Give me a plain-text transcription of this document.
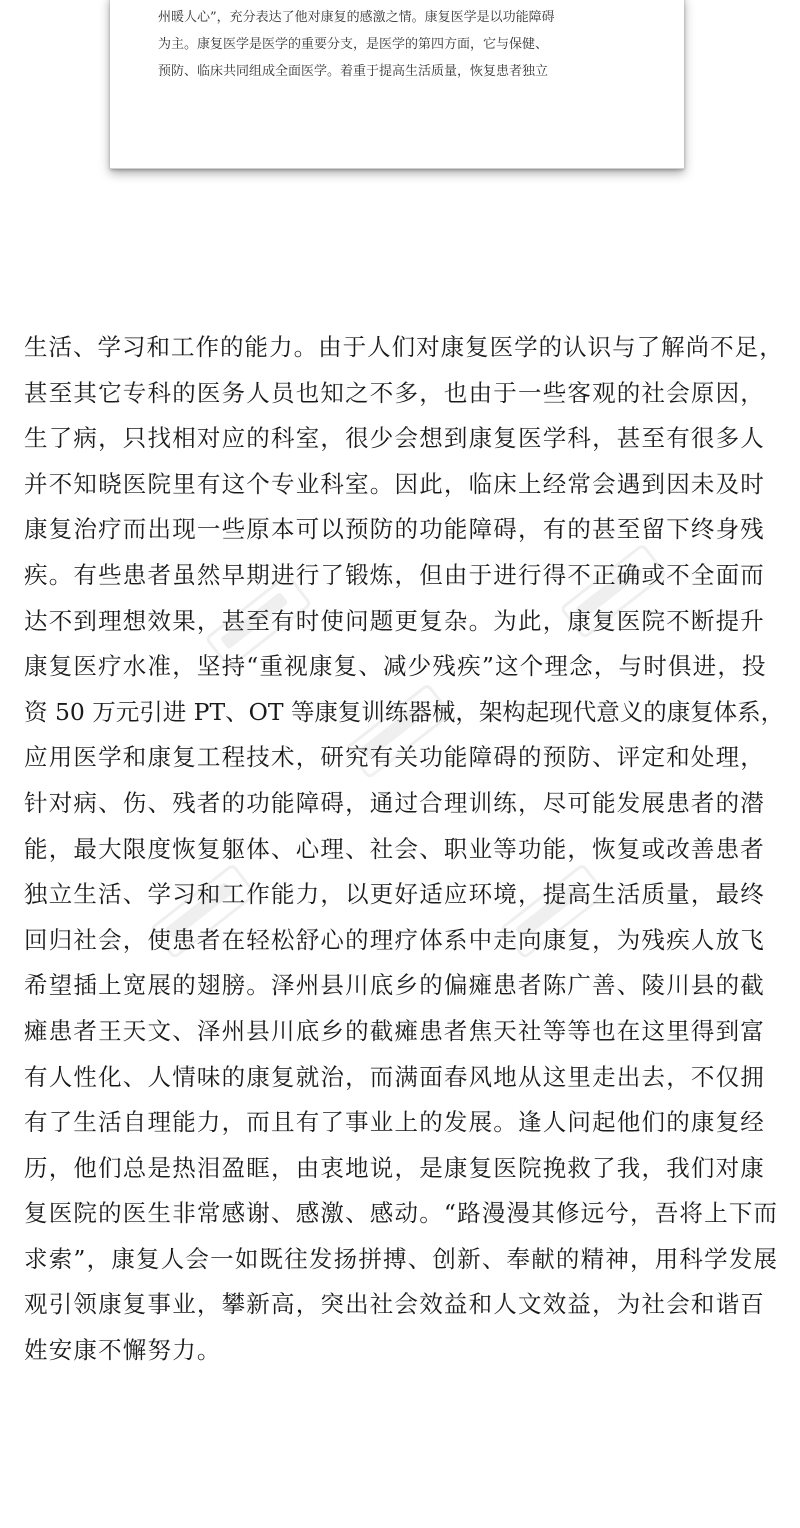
州暖人心”，充分表达了他对康复的感激之情。康复医学是以功能障碍
为主。康复医学是医学的重要分支，是医学的第四方面，它与保健、
预防、临床共同组成全面医学。着重于提高生活质量，恢复患者独立

生活、学习和工作的能力。由于人们对康复医学的认识与了解尚不足，
甚至其它专科的医务人员也知之不多，也由于一些客观的社会原因，
生了病，只找相对应的科室，很少会想到康复医学科，甚至有很多人
并不知晓医院里有这个专业科室。因此，临床上经常会遇到因未及时
康复治疗而出现一些原本可以预防的功能障碍，有的甚至留下终身残
疾。有些患者虽然早期进行了锻炼，但由于进行得不正确或不全面而
达不到理想效果，甚至有时使问题更复杂。为此，康复医院不断提升
康复医疗水准，坚持“重视康复、减少残疾”这个理念，与时俱进，投
资 50 万元引进 PT、OT 等康复训练器械，架构起现代意义的康复体系，
应用医学和康复工程技术，研究有关功能障碍的预防、评定和处理，
针对病、伤、残者的功能障碍，通过合理训练，尽可能发展患者的潜
能，最大限度恢复躯体、心理、社会、职业等功能，恢复或改善患者
独立生活、学习和工作能力，以更好适应环境，提高生活质量，最终
回归社会，使患者在轻松舒心的理疗体系中走向康复，为残疾人放飞
希望插上宽展的翅膀。泽州县川底乡的偏瘫患者陈广善、陵川县的截
瘫患者王天文、泽州县川底乡的截瘫患者焦天社等等也在这里得到富
有人性化、人情味的康复就治，而满面春风地从这里走出去，不仅拥
有了生活自理能力，而且有了事业上的发展。逢人问起他们的康复经
历，他们总是热泪盈眶，由衷地说，是康复医院挽救了我，我们对康
复医院的医生非常感谢、感激、感动。“路漫漫其修远兮，吾将上下而
求索”，康复人会一如既往发扬拼搏、创新、奉献的精神，用科学发展
观引领康复事业，攀新高，突出社会效益和人文效益，为社会和谐百
姓安康不懈努力。
